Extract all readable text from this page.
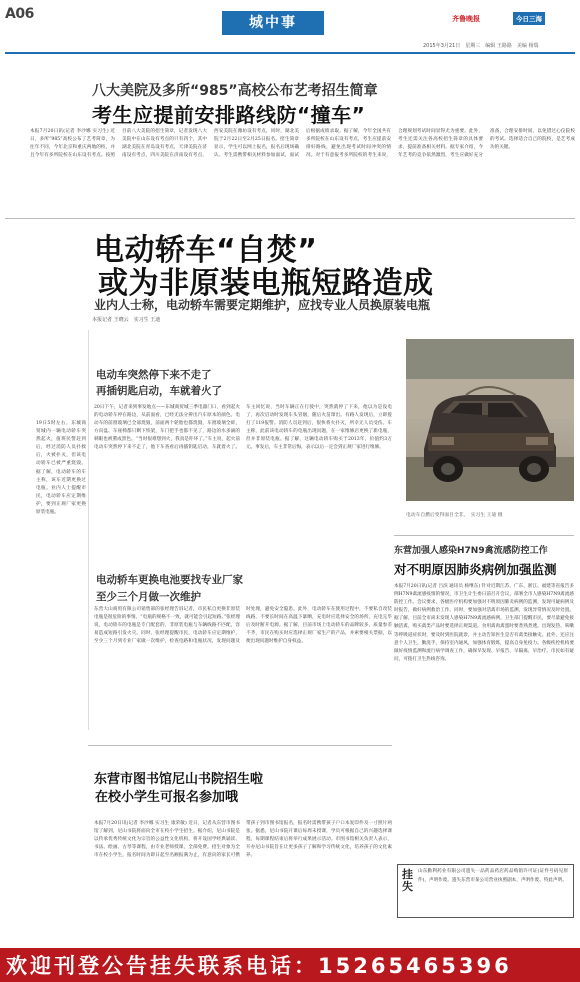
A06
城中事	齐鲁晚报	今日三海
2015年3月21日　星期三　编辑 王路路　美编 杨瑞
八大美院及多所“985”高校公布艺考招生简章
考生应提前安排路线防“撞车”
本报7月20日讯(记者 李沙娜 实习生) 近日，多所“985”高校公布了艺考简章，为往年不同，今年北京和重庆两地的校，并且今年有多所院校在山东设有考点。按照目前八大美院的招生简章，记者发现八大美院中在山东设有考点的只有四个，其中湖北美院在青岛设有考点，天津美院在济南设有考点，四川美院在济南设有考点，西安美院在潍坊设有考点，同时，湖北美院于2月22日至2月25日报名。招生简章显示，学生可以网上报名，报名后现场确认。考生需携带相关材料参加面试，面试后根据成绩录取。据了解，今年全国共有多所院校在山东设有考点，考生应提前安排好路线，避免出现考试时间冲突的情况。对于有意报考多所院校的考生来说，合理规划考试时间显得尤为重要。此外，考生还需关注各高校招生简章的具体要求，提前准备相关材料。据专家介绍，今年艺考的竞争依然激烈，考生应做好充分准备，合理安排时间，以免错过心仪院校的考试。选择适合自己的院校，是艺考成功的关键。
电动轿车“自焚”
或为非原装电瓶短路造成
业内人士称，电动轿车需要定期维护，应找专业人员换原装电瓶
本报记者 王晓云　实习生 王迪
19日5时左右，东城商贸城内一辆电动轿车突然起火，值班民警赶到后，经过消防人员扑救后，火被扑灭，但该电动轿车已被严重烧毁。据了解，电动轿车的车主称，该车近期更换过电瓶。业内人士提醒市民，电动轿车应定期维护，要到正规厂家更换原装电瓶。
电动车突然停下来不走了
再插钥匙启动，车就着火了
20日下午，记者来到事发地点——东城商贸城三季电器门口，看到起火的电动轿车停在路边，从前面看，已经无法分辨出汽车原本的颜色。电动车的前窗玻璃已全部烧毁，前面两个轮胎也都烧毁，车窗玻璃全碎，方向盘、车座椅都只剩下铁架，车门把手也都不见了，路边的水多滴的刺眼也被熏成黑色。“当时很难想到火，我真是吓坏了。”车主说，起火前电动车突然停下来不走了，他下车查看后再插钥匙启动，车就着火了。车主回忆说，当时车辆正在行驶中，突然就停了下来，他以为是没电了，再次启动时发现车头冒烟，随后火苗窜出。有路人发现后，立即拨打了119报警。消防人员赶到后，很快将火扑灭，所幸无人员受伤。车主称，此前该电动轿车的电瓶出现问题，在一家维修店更换了新电瓶，但并非原装电瓶。据了解，这辆电动轿车购买于2013年，价值约3万元。事发后，车主非常后悔，表示以后一定会到正规厂家进行维修。
电动轿车更换电池要找专业厂家
至少三个月做一次维护
东营大山商贸有限公司销售部的张经理告诉记者，市民私自更换非原装电瓶是很危险的事情。“电瓶的规格不一致，就可能会引起短路。”张经理说，电动轿车的电瓶是专门配套的，非原装电瓶与车辆线路不匹配，容易造成短路引发火灾。同时，张经理提醒市民，电动轿车应定期维护，至少三个月到专业厂家做一次维护，检查电路和电瓶状况，发现问题及时处理，避免安全隐患。此外，电动轿车在使用过程中，不要私自改装线路，不要长时间在高温下暴晒，充电时应选择安全的场所，充电完毕后及时断开电源。据了解，目前市场上电动轿车的品牌较多，质量参差不齐，市民在购买时应选择正规厂家生产的产品，并索要相关票据，以便出现问题时维护自身权益。
电动车自燃后变得面目全非。　实习生 王迪 摄
东营加强人感染H7N9禽流感防控工作
对不明原因肺炎病例加强监测
本报7月20日讯(记者 吕滨 通讯员 杨继东) 针对近期江苏、广东、浙江、福建等省报告多例H7N9禽流感疫情的情况，市卫生计生委日前召开会议，部署全市人感染H7N9禽流感防控工作。会议要求，各级医疗机构要加强对不明原因肺炎病例的监测，发现可疑病例及时报告，做好病例救治工作。同时，要加强对活禽市场的监测，发现异常情况及时处置。据了解，目前全市尚未发现人感染H7N9禽流感病例。卫生部门提醒市民，要尽量避免接触活禽，购买禽类产品时要选择正规渠道，食用禽肉禽蛋时要煮熟煮透。出现发热、咳嗽等呼吸道症状时，要及时到医院就诊，并主动告知医生是否有禽类接触史。此外，还应注意个人卫生，勤洗手，保持室内通风，加强体育锻炼，提高自身免疫力。各级疾控机构要做好疫情监测和流行病学调查工作，确保早发现、早报告、早隔离、早治疗。市民如有疑问，可拨打卫生热线咨询。
东营市图书馆尼山书院招生啦
在校小学生可报名参加哦
本报7月20日讯(记者 李沙娜 实习生 康荣敏) 近日，记者从东营市图书馆了解到，尼山书院将面向全市在校小学生招生。据介绍，尼山书院是以传承优秀传统文化为宗旨的公益性文化机构，将开设国学经典诵读、书法、绘画、古琴等课程，由专业老师授课，全部免费。招生对象为全市在校小学生，报名时间为即日起至名额报满为止，有意向的家长可携带孩子到市图书馆报名，报名时需携带孩子户口本复印件及一寸照片两张。据悉，尼山书院开课后每周末授课，学员可根据自己的兴趣选择课程，每期课程结束后将举行成果展示活动。市图书馆相关负责人表示，开办尼山书院旨在让更多孩子了解和学习传统文化，培养孩子的文化素养。
挂失
山东勤利药业有限公司遗失一品药品药店药品购销许可证(证件号码见原件)，声明作废。遗失东营市某公司营业执照副本，声明作废。特此声明。
欢迎刊登公告挂失联系电话：15265465396
